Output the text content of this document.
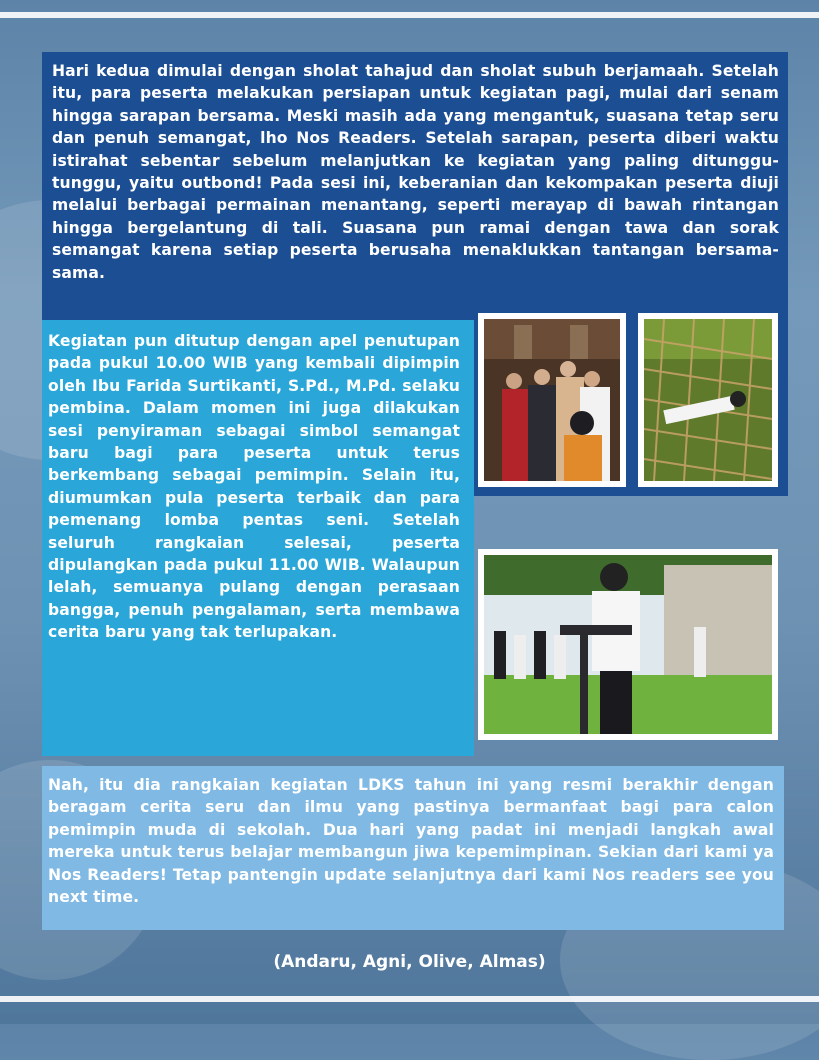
Hari kedua dimulai dengan sholat tahajud dan sholat subuh berjamaah. Setelah itu, para peserta melakukan persiapan untuk kegiatan pagi, mulai dari senam hingga sarapan bersama. Meski masih ada yang mengantuk, suasana tetap seru dan penuh semangat, lho Nos Readers. Setelah sarapan, peserta diberi waktu istirahat sebentar sebelum melanjutkan ke kegiatan yang paling ditunggu-tunggu, yaitu outbond! Pada sesi ini, keberanian dan kekompakan peserta diuji melalui berbagai permainan menantang, seperti merayap di bawah rintangan hingga bergelantung di tali. Suasana pun ramai dengan tawa dan sorak semangat karena setiap peserta berusaha menaklukkan tantangan bersama-sama.

Kegiatan pun ditutup dengan apel penutupan pada pukul 10.00 WIB yang kembali dipimpin oleh Ibu Farida Surtikanti, S.Pd., M.Pd. selaku pembina. Dalam momen ini juga dilakukan sesi penyiraman sebagai simbol semangat baru bagi para peserta untuk terus berkembang sebagai pemimpin. Selain itu, diumumkan pula peserta terbaik dan para pemenang lomba pentas seni. Setelah seluruh rangkaian selesai, peserta dipulangkan pada pukul 11.00 WIB. Walaupun lelah, semuanya pulang dengan perasaan bangga, penuh pengalaman, serta membawa cerita baru yang tak terlupakan.

Nah, itu dia rangkaian kegiatan LDKS tahun ini yang resmi berakhir dengan beragam cerita seru dan ilmu yang pastinya bermanfaat bagi para calon pemimpin muda di sekolah. Dua hari yang padat ini menjadi langkah awal mereka untuk terus belajar membangun jiwa kepemimpinan. Sekian dari kami ya Nos Readers! Tetap pantengin update selanjutnya dari kami Nos readers see you next time.

(Andaru, Agni, Olive, Almas)
